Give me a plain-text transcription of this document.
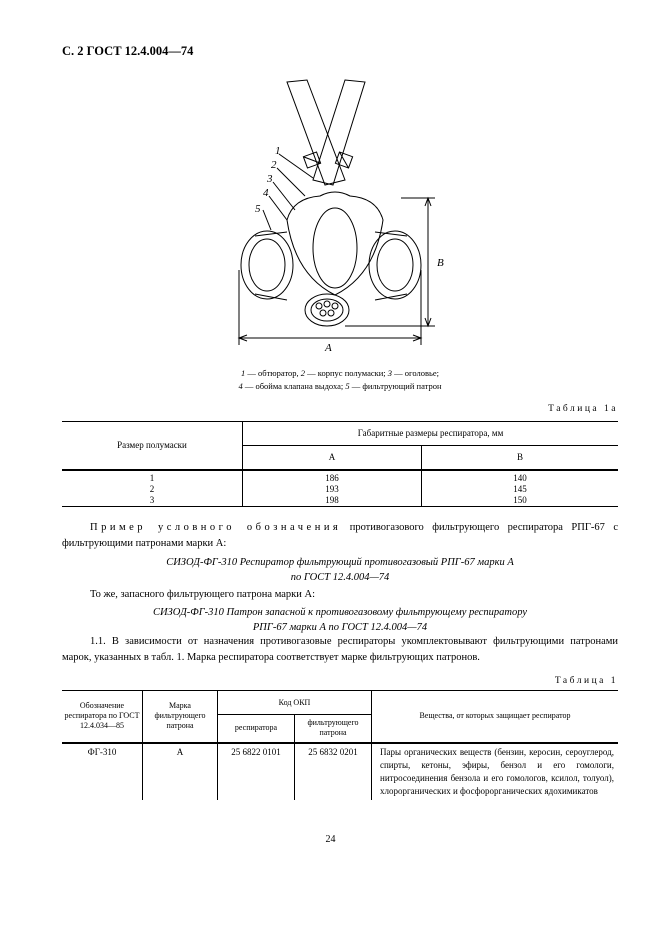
С. 2 ГОСТ 12.4.004—74
1
2
3
4
5
A
B
1 — обтюратор, 2 — корпус полумаски; 3 — оголовье;
4 — обойма клапана выдоха; 5 — фильтрующий патрон
Таблица 1а
Размер полумаски	Габаритные размеры респиратора, мм	
	А	В
1	186	140
2	193	145
3	198	150
Пример условного обозначения противогазового фильтрующего респиратора РПГ-67 с фильтрующими патронами марки А:
СИЗОД-ФГ-310 Респиратор фильтрующий противогазовый РПГ-67 марки А
по ГОСТ 12.4.004—74
То же, запасного фильтрующего патрона марки А:
СИЗОД-ФГ-310 Патрон запасной к противогазовому фильтрующему респиратору
РПГ-67 марки А по ГОСТ 12.4.004—74
1.1. В зависимости от назначения противогазовые респираторы укомплектовывают фильтрующими патронами марок, указанных в табл. 1. Марка респиратора соответствует марке фильтрующих патронов.
Таблица 1
Обозначение респиратора по ГОСТ 12.4.034—85	Марка фильтрующего патрона	Код ОКП		Вещества, от которых защищает респиратор
		респиратора	фильтрующего патрона	
ФГ-310	А	25 6822 0101	25 6832 0201	Пары органических веществ (бензин, керосин, сероуглерод, спирты, кетоны, эфиры, бензол и его гомологи, нитросоединения бензола и его гомологов, ксилол, толуол), хлорорганических и фосфорорганических ядохимикатов
24
